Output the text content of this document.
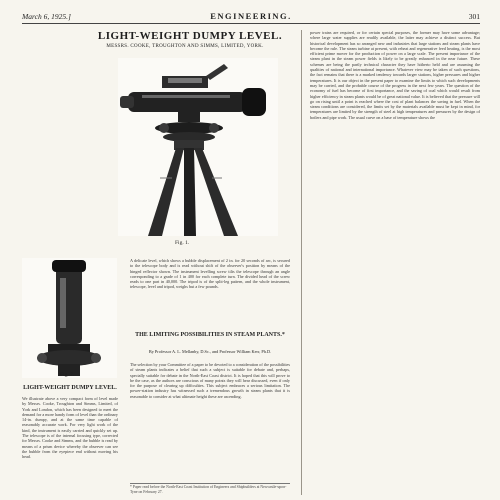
March 6, 1925.]	ENGINEERING.	301
LIGHT-WEIGHT DUMPY LEVEL.
MESSRS. COOKE, TROUGHTON AND SIMMS, LIMITED, YORK.
Fig. 1.
Fig. 2.
LIGHT-WEIGHT DUMPY LEVEL.

We illustrate above a very compact form of level made by Messrs. Cooke, Troughton and Simms, Limited, of York and London, which has been designed to meet the demand for a more handy form of level than the ordinary 14-in. dumpy, and at the same time capable of reasonably accurate work. For very light work of the kind, the instrument is easily carried and quickly set up. The telescope is of the internal focusing type, corrected for Messrs. Cooke and Simms, and the bubble is read by means of a prism device whereby the observer can see the bubble from the eyepiece end without moving his head.

A delicate level, which shows a bubble displacement of 2 in. for 20 seconds of arc, is secured to the telescope body and is read without shift of the observer's position by means of the hinged reflector shown. The instrument levelling screw tilts the telescope through an angle corresponding to a grade of 1 in 400 for each complete turn. The divided head of the screw reads to one part in 40,000. The tripod is of the split-leg pattern, and the whole instrument, telescope, level and tripod, weighs but a few pounds.

THE LIMITING POSSIBILITIES IN STEAM PLANTS.*
By Professor A. L. Mellanby, D.Sc., and Professor William Kerr, Ph.D.

The selection by your Committee of a paper to be devoted to a consideration of the possibilities of steam plants indicates a belief that such a subject is suitable for debate and, perhaps, specially suitable for debate in the North-East Coast district. It is hoped that this will prove to be the case, as the authors are conscious of many points they will hear discussed, even if only for the purpose of clearing up difficulties. This subject embraces a serious limitation. The power-station industry has witnessed such a tremendous growth in steam plants that it is reasonable to consider at what ultimate height these are ascending.

* Paper read before the North-East Coast Institution of Engineers and Shipbuilders at Newcastle-upon-Tyne on February 27.

power trains are required, or for certain special purposes, the former may have some advantage; where large water supplies are readily available, the latter may achieve a distinct success. But historical development has so arranged new and industries that large stations and steam plants have become the rule. The steam turbine at present, with reheat and regenerative feed heating, is the most efficient prime mover for the production of power on a large scale. The present importance of the steam plant in the steam power fields is likely to be greatly enhanced in the near future. These schemes are being the partly technical character they have hitherto held and are assuming the qualities of national and international importance. Whatever view may be taken of such questions, the fact remains that there is a marked tendency towards larger stations, higher pressures and higher temperatures. It is our object in the present paper to examine the limits to which such developments may be carried, and the probable course of the progress in the next few years. The question of the economy of fuel has become of first importance, and the saving of coal which would result from higher efficiency in steam plants would be of great national value. It is believed that the pressure will go on rising until a point is reached where the cost of plant balances the saving in fuel. When the steam conditions are considered, the limits set by the materials available must be kept in mind, for temperatures are limited by the strength of steel at high temperatures and pressures by the design of boilers and pipe work. The usual curve on a base of temperature shows the
